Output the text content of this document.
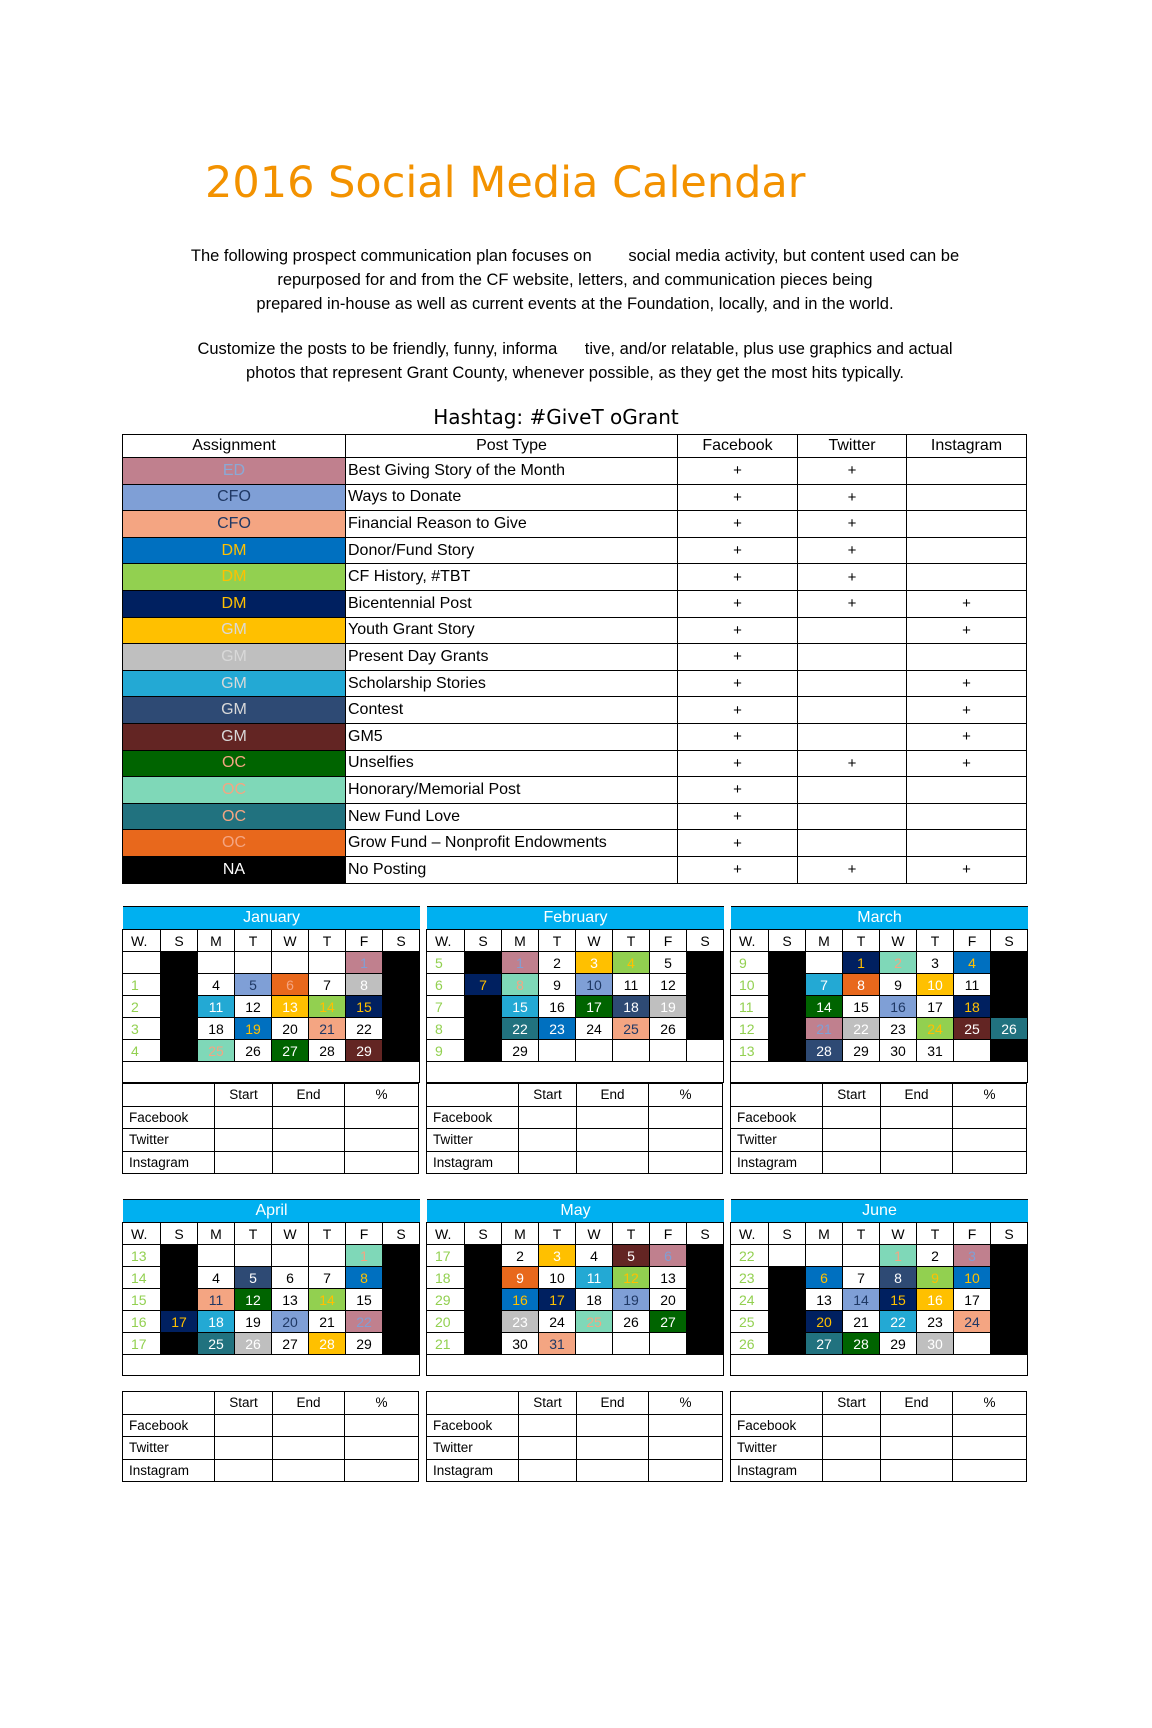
2016 Social Media Calendar
The following prospect communication plan focuses on        social media activity, but content used can be
repurposed for and from the CF website, letters, and communication pieces being
prepared in-house as well as current events at the Foundation, locally, and in the world.
Customize the posts to be friendly, funny, informa      tive, and/or relatable, plus use graphics and actual
photos that represent Grant County, whenever possible, as they get the most hits typically.
Hashtag: #GiveT oGrant
Assignment	Post Type	Facebook	Twitter	Instagram
ED	Best Giving Story of the Month	+	+	
CFO	Ways to Donate	+	+	
CFO	Financial Reason to Give	+	+	
DM	Donor/Fund Story	+	+	
DM	CF History, #TBT	+	+	
DM	Bicentennial Post	+	+	+
GM	Youth Grant Story	+		+
GM	Present Day Grants	+		
GM	Scholarship Stories	+		+
GM	Contest	+		+
GM	GM5	+		+
OC	Unselfies	+	+	+
OC	Honorary/Memorial Post	+		
OC	New Fund Love	+		
OC	Grow Fund – Nonprofit Endowments	+		
NA	No Posting	+	+	+
		January					
W.	S	M	T	W	T	F	S
						1	
1		4	5	6	7	8	
2		11	12	13	14	15	
3		18	19	20	21	22	
4		25	26	27	28	29	

	Start	End	%
Facebook			
Twitter			
Instagram			
		February					
W.	S	M	T	W	T	F	S
5		1	2	3	4	5	
6	7	8	9	10	11	12	
7		15	16	17	18	19	
8		22	23	24	25	26	
9		29					

	Start	End	%
Facebook			
Twitter			
Instagram			
		March					
W.	S	M	T	W	T	F	S
9			1	2	3	4	
10		7	8	9	10	11	
11		14	15	16	17	18	
12		21	22	23	24	25	26
13		28	29	30	31		

	Start	End	%
Facebook			
Twitter			
Instagram			
		April					
W.	S	M	T	W	T	F	S
13						1	
14		4	5	6	7	8	
15		11	12	13	14	15	
16	17	18	19	20	21	22	
17		25	26	27	28	29	

	Start	End	%
Facebook			
Twitter			
Instagram			
		May					
W.	S	M	T	W	T	F	S
17		2	3	4	5	6	
18		9	10	11	12	13	
29		16	17	18	19	20	
20		23	24	25	26	27	
21		30	31				

	Start	End	%
Facebook			
Twitter			
Instagram			
		June					
W.	S	M	T	W	T	F	S
22				1	2	3	
23		6	7	8	9	10	
24		13	14	15	16	17	
25		20	21	22	23	24	
26		27	28	29	30		

	Start	End	%
Facebook			
Twitter			
Instagram			
